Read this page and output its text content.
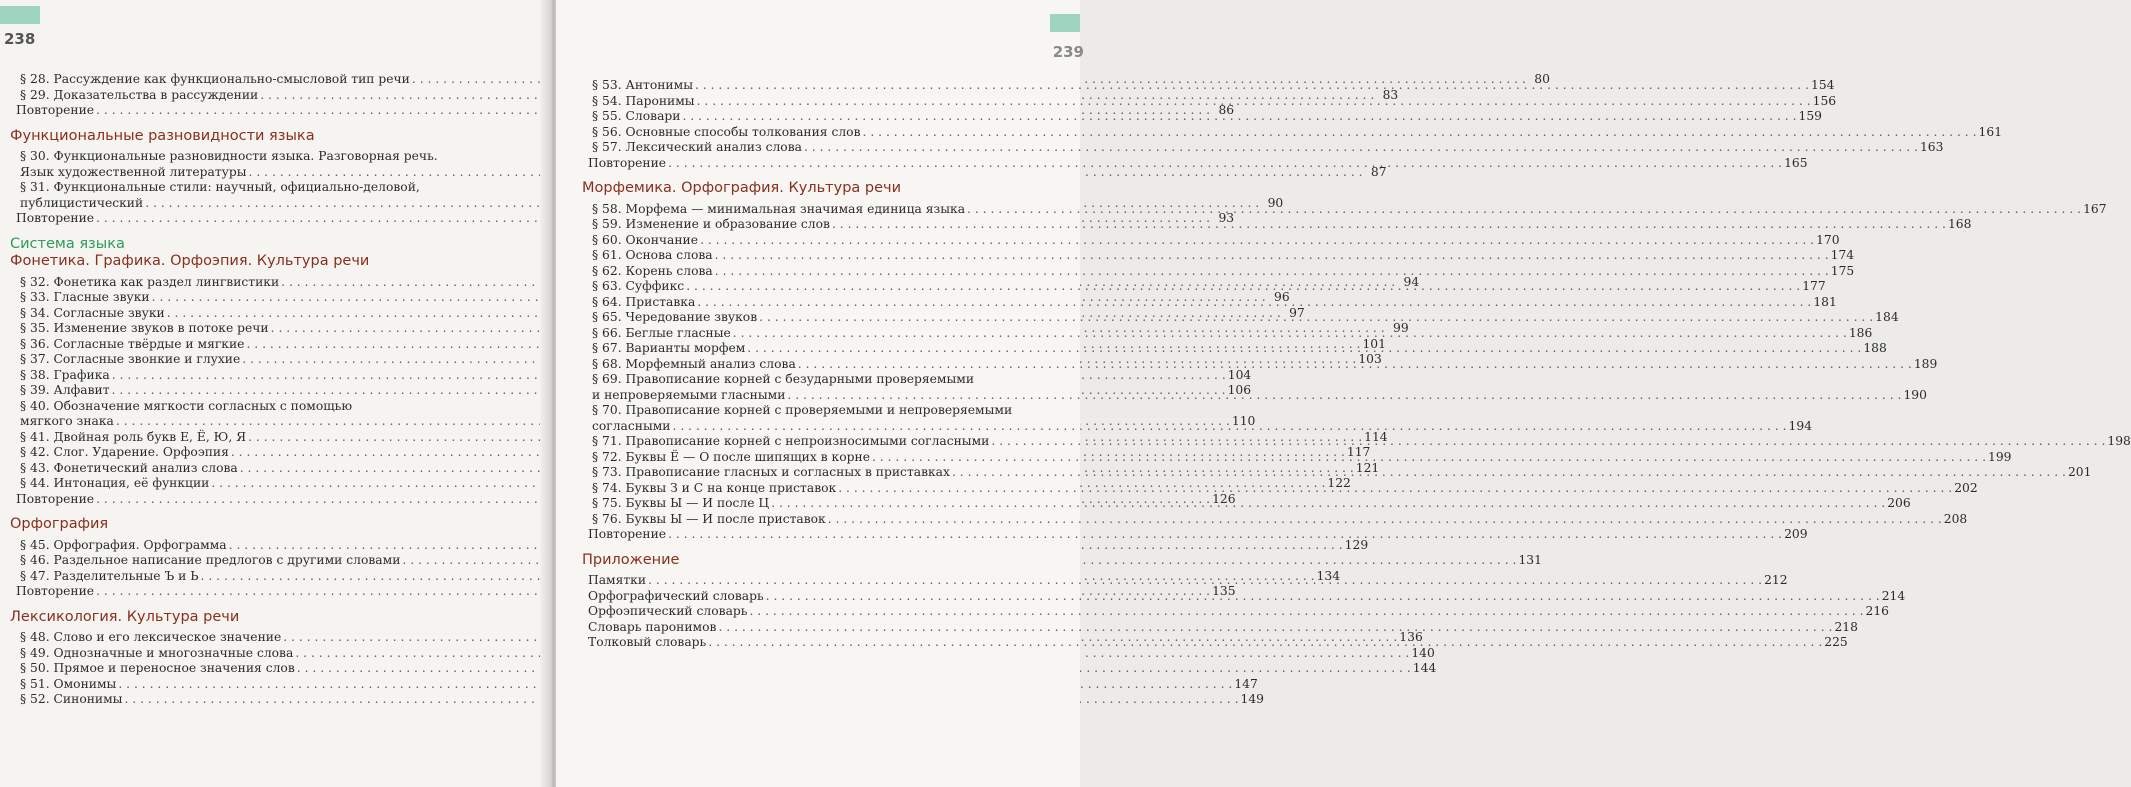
238
§ 28. Рассуждение как функционально-смысловой тип речи . . .	80
§ 29. Доказательства в рассуждении . . .	83
Повторение . . .	86
Функциональные разновидности языка
§ 30. Функциональные разновидности языка. Разговорная речь.
Язык художественной литературы . . .	87
§ 31. Функциональные стили: научный, официально-деловой,
публицистический . . .	90
Повторение . . .	93
Система языка
Фонетика. Графика. Орфоэпия. Культура речи
§ 32. Фонетика как раздел лингвистики . . .	94
§ 33. Гласные звуки . . .	96
§ 34. Согласные звуки . . .	97
§ 35. Изменение звуков в потоке речи . . .	99
§ 36. Согласные твёрдые и мягкие . . .	101
§ 37. Согласные звонкие и глухие . . .	103
§ 38. Графика . . .	104
§ 39. Алфавит . . .	106
§ 40. Обозначение мягкости согласных с помощью
мягкого знака . . .	110
§ 41. Двойная роль букв Е, Ё, Ю, Я . . .	114
§ 42. Слог. Ударение. Орфоэпия . . .	117
§ 43. Фонетический анализ слова . . .	121
§ 44. Интонация, её функции . . .	122
Повторение . . .	126
Орфография
§ 45. Орфография. Орфограмма . . .	129
§ 46. Раздельное написание предлогов с другими словами . . .	131
§ 47. Разделительные Ъ и Ь . . .	134
Повторение . . .	135
Лексикология. Культура речи
§ 48. Слово и его лексическое значение . . .	136
§ 49. Однозначные и многозначные слова . . .	140
§ 50. Прямое и переносное значения слов . . .	144
§ 51. Омонимы . . .	147
§ 52. Синонимы . . .	149
239
§ 53. Антонимы . . .	154
§ 54. Паронимы . . .	156
§ 55. Словари . . .	159
§ 56. Основные способы толкования слов . . .	161
§ 57. Лексический анализ слова . . .	163
Повторение . . .	165
Морфемика. Орфография. Культура речи
§ 58. Морфема — минимальная значимая единица языка . . .	167
§ 59. Изменение и образование слов . . .	168
§ 60. Окончание . . .	170
§ 61. Основа слова . . .	174
§ 62. Корень слова . . .	175
§ 63. Суффикс . . .	177
§ 64. Приставка . . .	181
§ 65. Чередование звуков . . .	184
§ 66. Беглые гласные . . .	186
§ 67. Варианты морфем . . .	188
§ 68. Морфемный анализ слова . . .	189
§ 69. Правописание корней с безударными проверяемыми
и непроверяемыми гласными . . .	190
§ 70. Правописание корней с проверяемыми и непроверяемыми
согласными . . .	194
§ 71. Правописание корней с непроизносимыми согласными . . .	198
§ 72. Буквы Ё — О после шипящих в корне . . .	199
§ 73. Правописание гласных и согласных в приставках . . .	201
§ 74. Буквы З и С на конце приставок . . .	202
§ 75. Буквы Ы — И после Ц . . .	206
§ 76. Буквы Ы — И после приставок . . .	208
Повторение . . .	209
Приложение
Памятки . . .	212
Орфографический словарь . . .	214
Орфоэпический словарь . . .	216
Словарь паронимов . . .	218
Толковый словарь . . .	225
